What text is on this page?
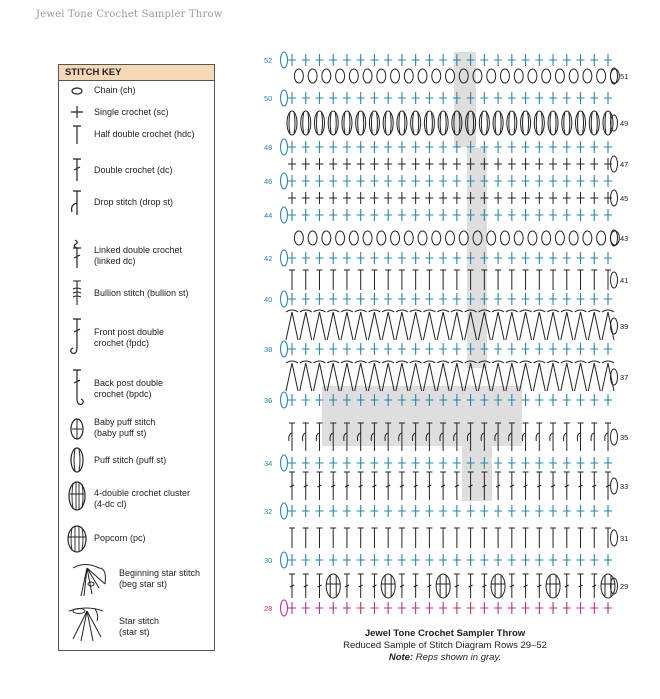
Jewel Tone Crochet Sampler Throw
STITCH KEY
Chain (ch)
Single crochet (sc)
Half double crochet (hdc)
Double crochet (dc)
Drop stitch (drop st)
Linked double crochet
(linked dc)
Bullion stitch (bullion st)
Front post double
crochet (fpdc)
Back post double
crochet (bpdc)
Baby puff stitch
(baby puff st)
Puff stitch (puff st)
4-double crochet cluster
(4-dc cl)
Popcorn (pc)
Beginning star stitch
(beg star st)
Star stitch
(star st)
52
50
48
46
44
42
40
38
36
34
32
30
28
51
49
47
45
43
41
39
37
35
33
31
29
Jewel Tone Crochet Sampler Throw
Reduced Sample of Stitch Diagram Rows 29–52
Note: Reps shown in gray.
